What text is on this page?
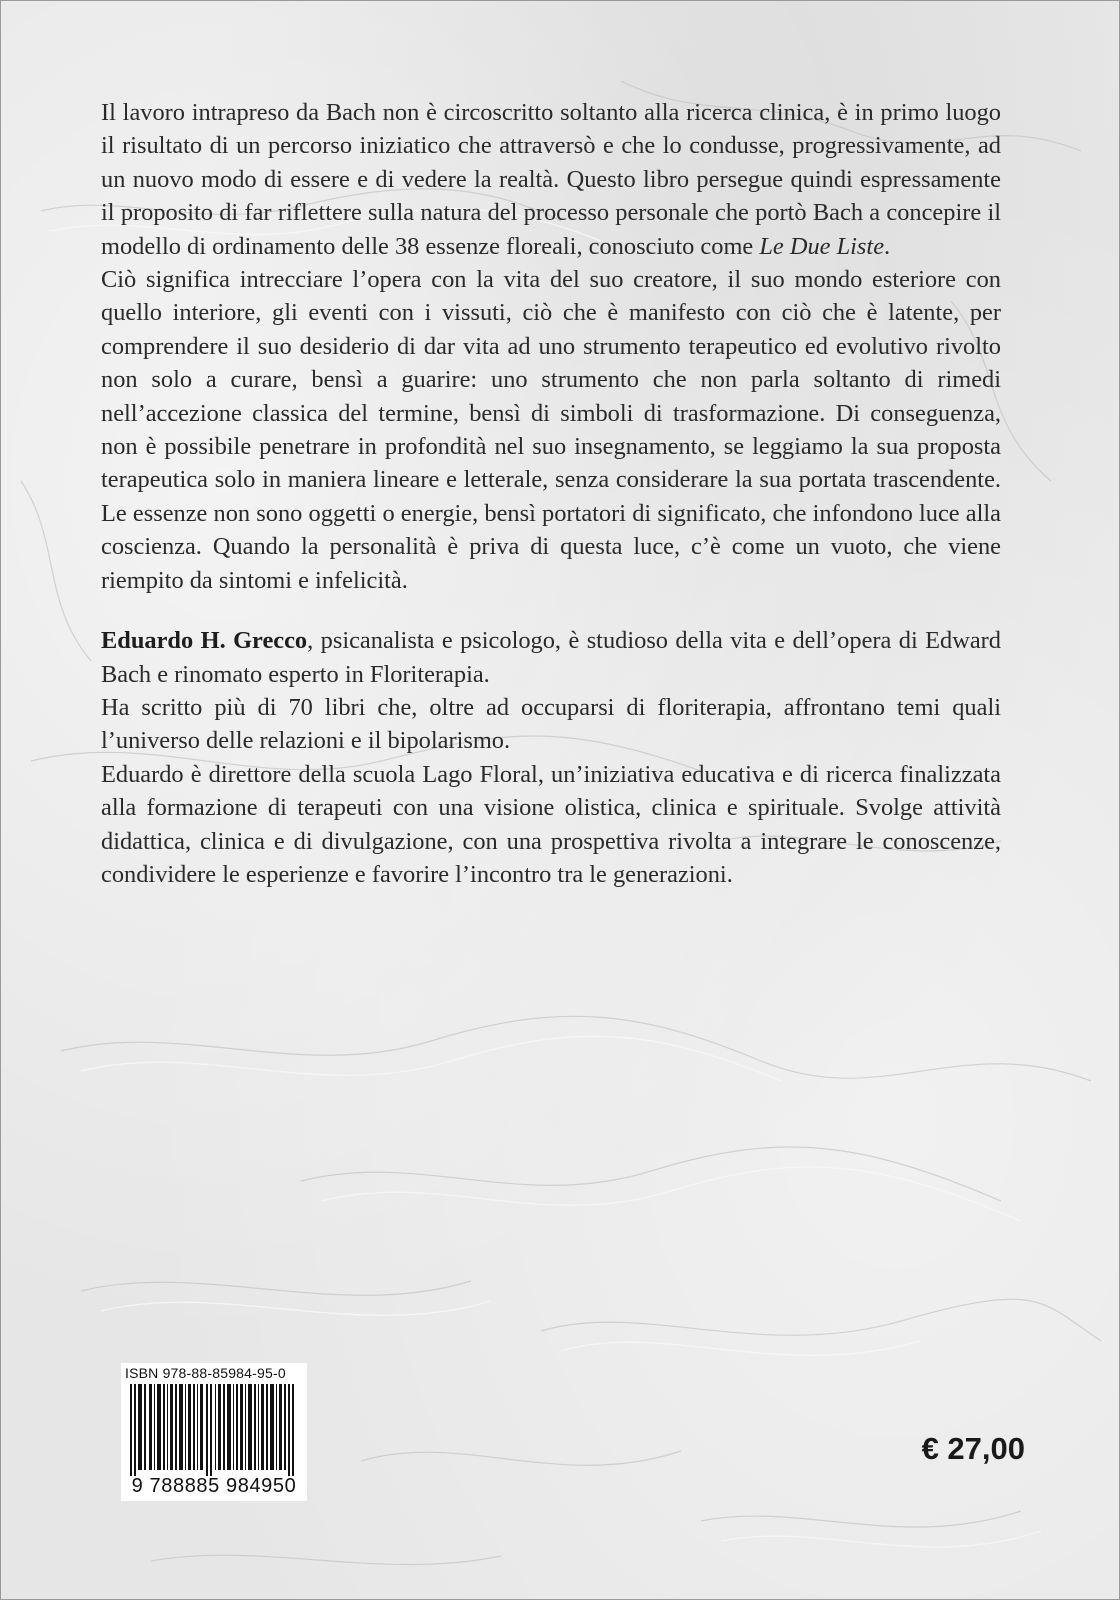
Il lavoro intrapreso da Bach non è circoscritto soltanto alla ricerca clinica, è in primo luogo il risultato di un percorso iniziatico che attraversò e che lo condusse, progressivamente, ad un nuovo modo di essere e di vedere la realtà. Questo libro persegue quindi espressamente il proposito di far riflettere sulla natura del processo personale che portò Bach a concepire il modello di ordinamento delle 38 essenze floreali, conosciuto come Le Due Liste.

Ciò significa intrecciare l’opera con la vita del suo creatore, il suo mondo esteriore con quello interiore, gli eventi con i vissuti, ciò che è manifesto con ciò che è latente, per comprendere il suo desiderio di dar vita ad uno strumento terapeutico ed evolutivo rivolto non solo a curare, bensì a guarire: uno strumento che non parla soltanto di rimedi nell’accezione classica del termine, bensì di simboli di trasformazione. Di conseguenza, non è possibile penetrare in profondità nel suo insegnamento, se leggiamo la sua proposta terapeutica solo in maniera lineare e letterale, senza considerare la sua portata trascendente. Le essenze non sono oggetti o energie, bensì portatori di significato, che infondono luce alla coscienza. Quando la personalità è priva di questa luce, c’è come un vuoto, che viene riempito da sintomi e infelicità.

Eduardo H. Grecco, psicanalista e psicologo, è studioso della vita e dell’opera di Edward Bach e rinomato esperto in Floriterapia.

Ha scritto più di 70 libri che, oltre ad occuparsi di floriterapia, affrontano temi quali l’universo delle relazioni e il bipolarismo.

Eduardo è direttore della scuola Lago Floral, un’iniziativa educativa e di ricerca finalizzata alla formazione di terapeuti con una visione olistica, clinica e spirituale. Svolge attività didattica, clinica e di divulgazione, con una prospettiva rivolta a integrare le conoscenze, condividere le esperienze e favorire l’incontro tra le generazioni.

ISBN 978-88-85984-95-0
9 788885 984950
€ 27,00
